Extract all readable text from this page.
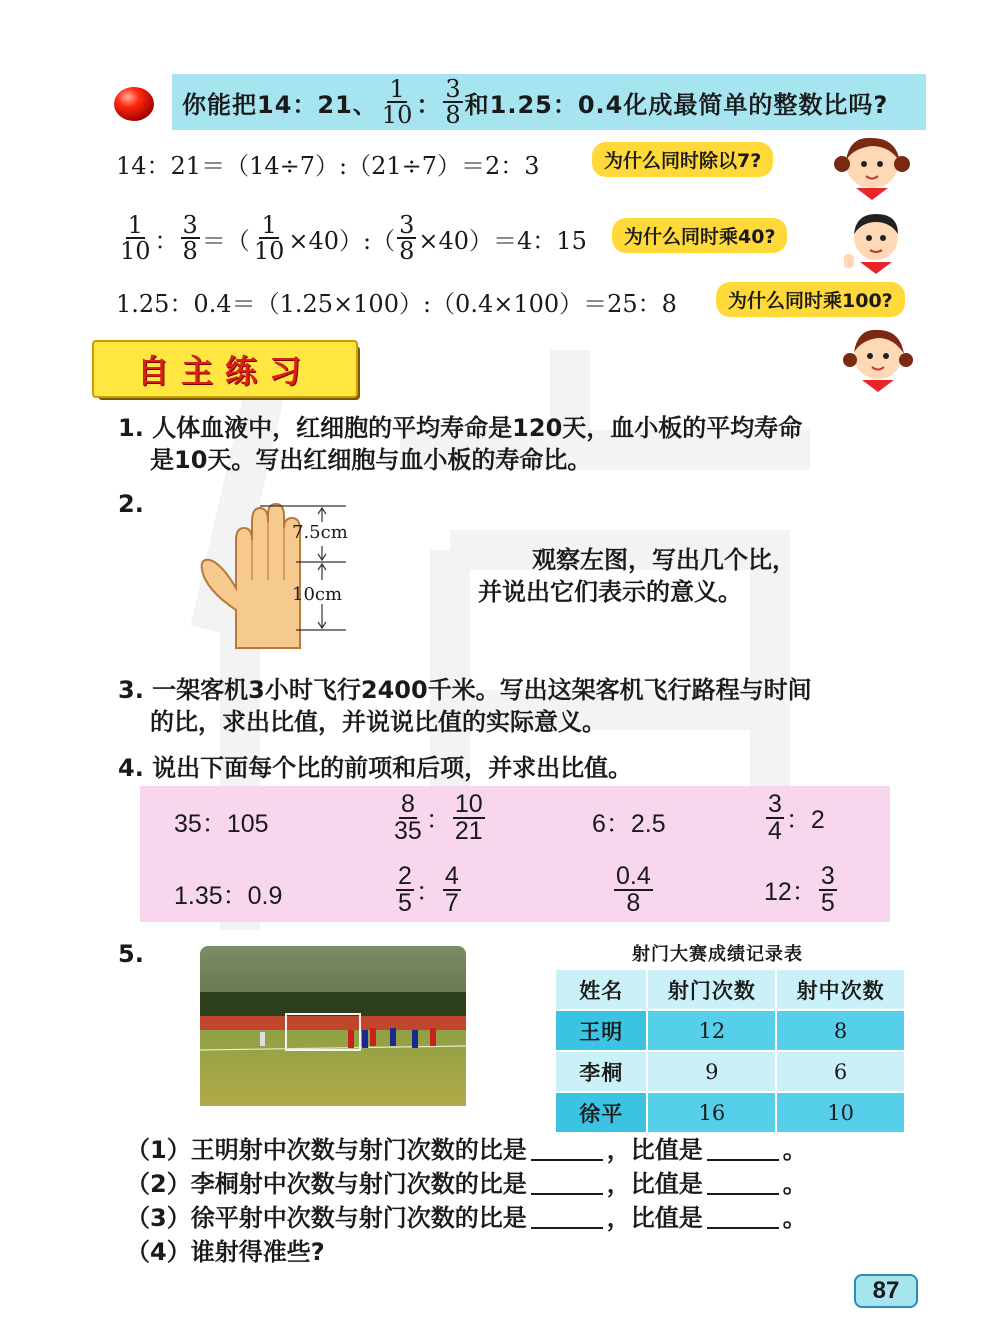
你能把14：21、 $\frac{1}{10}$ ： $\frac{3}{8}$ 和1.25：0.4化成最简单的整数比吗?
14：21＝（14÷7）:（21÷7）＝2：3	为什么同时除以7?
$\frac{1}{10}$ ： $\frac{3}{8}$ ＝（ $\frac{1}{10}$ ×40）:（ $\frac{3}{8} \times 40)=4$：15	为什么同时乘40?
1.25：0.4＝（1.25×100）:（0.4×100）＝25：8	为什么同时乘100?
自主练习
1. 人体血液中，红细胞的平均寿命是120天，血小板的平均寿命
是10天。写出红细胞与血小板的寿命比。
2.
7.5cm
10cm
观察左图，写出几个比，
并说出它们表示的意义。
3. 一架客机3小时飞行2400千米。写出这架客机飞行路程与时间
的比，求出比值，并说说比值的实际意义。
4. 说出下面每个比的前项和后项，并求出比值。
35：105	$\frac{8}{35}$ ： $\frac{10}{21}$	6：2.5	$\frac{3}{4}$ ：2
1.35：0.9	$\frac{2}{5}$ ： $\frac{4}{7}$	$\frac{0.4}{8}$	12： $\frac{3}{5}$
5.	射门大赛成绩记录表
姓名	射门次数	射中次数
王明	12	8
李桐	9	6
徐平	16	10
（1）王明射中次数与射门次数的比是	，比值是	。
（2）李桐射中次数与射门次数的比是	，比值是	。
（3）徐平射中次数与射门次数的比是	，比值是	。
（4）谁射得准些?
87
